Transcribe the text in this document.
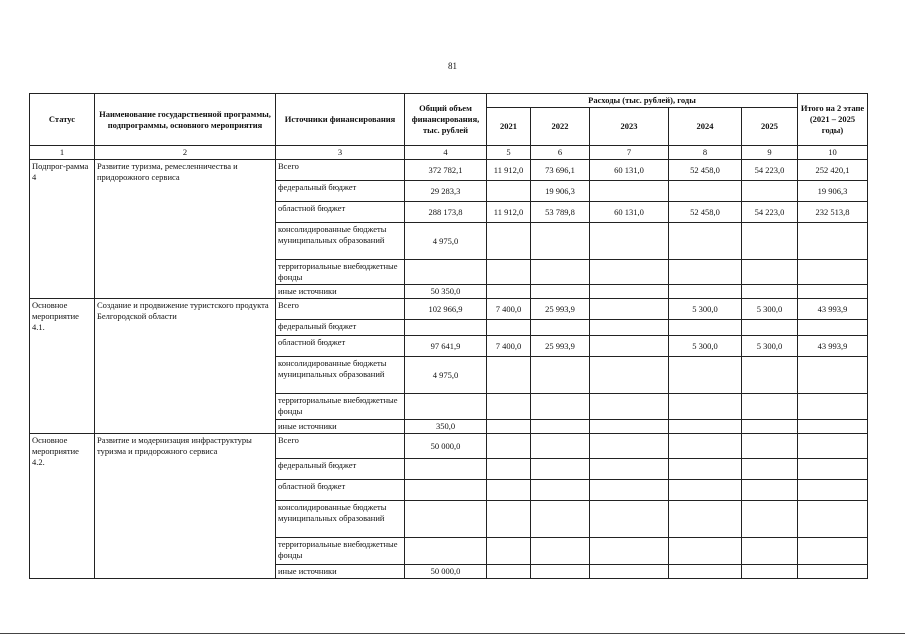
81
Статус	Наименование государственной программы, подпрограммы, основного мероприятия	Источники финансирования	Общий объем финансирования, тыс. рублей	Расходы (тыс. рублей), годы					Итого на 2 этапе (2021 – 2025 годы)
				2021	2022	2023	2024	2025	
1	2	3	4	5	6	7	8	9	10
Подпрог-рамма 4	Развитие туризма, ремесленничества и придорожного сервиса	Всего	372 782,1	11 912,0	73 696,1	60 131,0	52 458,0	54 223,0	252 420,1
		федеральный бюджет	29 283,3		19 906,3				19 906,3
		областной бюджет	288 173,8	11 912,0	53 789,8	60 131,0	52 458,0	54 223,0	232 513,8
		консолидированные бюджеты муниципальных образований	4 975,0						
		территориальные внебюджетные фонды							
		иные источники	50 350,0						
Основное мероприятие 4.1.	Создание и продвижение туристского продукта Белгородской области	Всего	102 966,9	7 400,0	25 993,9		5 300,0	5 300,0	43 993,9
		федеральный бюджет							
		областной бюджет	97 641,9	7 400,0	25 993,9		5 300,0	5 300,0	43 993,9
		консолидированные бюджеты муниципальных образований	4 975,0						
		территориальные внебюджетные фонды							
		иные источники	350,0						
Основное мероприятие 4.2.	Развитие и модернизация инфраструктуры туризма и придорожного сервиса	Всего	50 000,0						
		федеральный бюджет							
		областной бюджет							
		консолидированные бюджеты муниципальных образований							
		территориальные внебюджетные фонды							
		иные источники	50 000,0						
